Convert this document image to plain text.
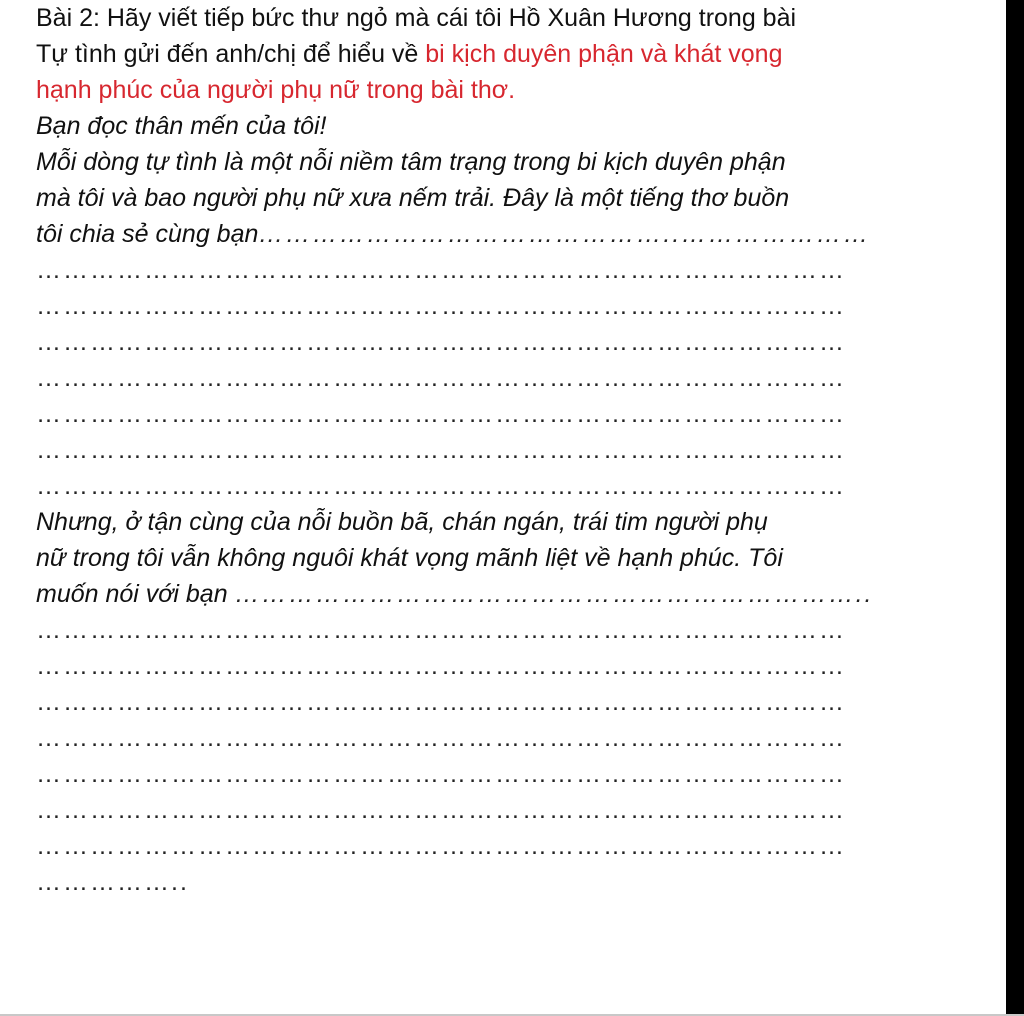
Bài 2: Hãy viết tiếp bức thư ngỏ mà cái tôi Hồ Xuân Hương trong bài
Tự tình gửi đến anh/chị để hiểu về bi kịch duyên phận và khát vọng
hạnh phúc của người phụ nữ trong bài thơ.
Bạn đọc thân mến của tôi!
Mỗi dòng tự tình là một nỗi niềm tâm trạng trong bi kịch duyên phận
mà tôi và bao người phụ nữ xưa nếm trải. Đây là một tiếng thơ buồn
tôi chia sẻ cùng bạn………………………………………..…………………
………………………………………………………………………………
………………………………………………………………………………
………………………………………………………………………………
………………………………………………………………………………
………………………………………………………………………………
………………………………………………………………………………
………………………………………………………………………………
Nhưng, ở tận cùng của nỗi buồn bã, chán ngán, trái tim người phụ
nữ trong tôi vẫn không nguôi khát vọng mãnh liệt về hạnh phúc. Tôi
muốn nói với bạn ……………………………………………………………..
………………………………………………………………………………
………………………………………………………………………………
………………………………………………………………………………
………………………………………………………………………………
………………………………………………………………………………
………………………………………………………………………………
………………………………………………………………………………
……………..
